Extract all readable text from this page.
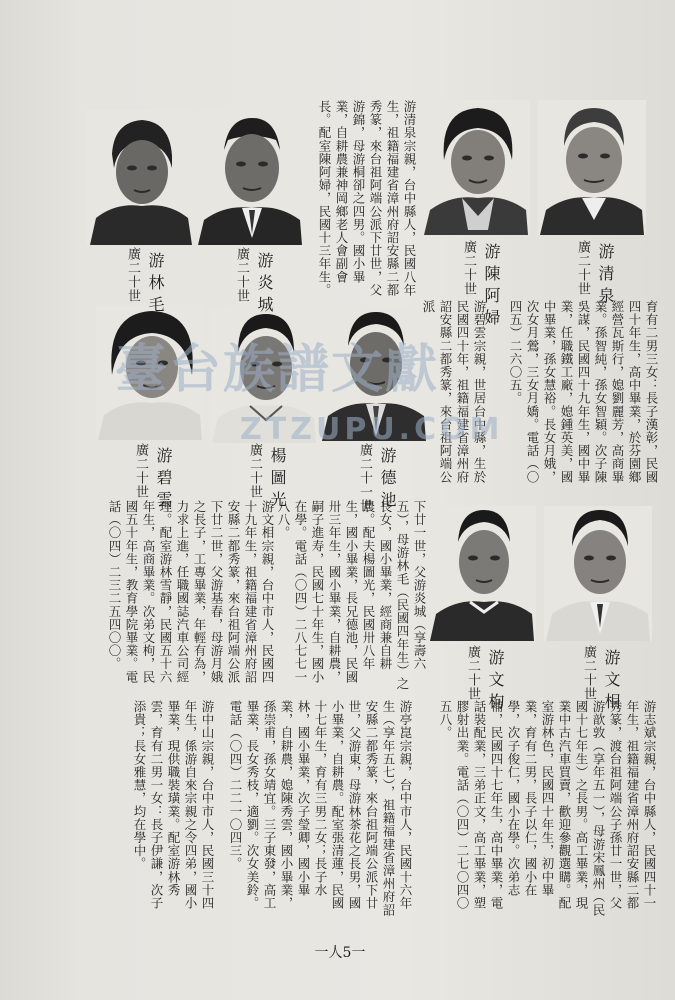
廣二十世 游林毛	廣二十世 游炎城	廣二十世 游陳阿婦	廣二十世 游清泉
廣二十世 游碧雲	廣二十世 楊圖光	廣二十一世 游德池
廣二十世 游文枸	廣二十世 游文相
游清泉宗親，台中縣人，民國八年生，祖籍福建省漳州府詔安縣二都秀篆，來台祖阿端公派下廿世，父游錦，母游桐卻之四男。國小畢業，自耕農兼神岡鄉老人會副會長。配室陳阿婦，民國十三年生。
育有二男三女：長子漢彰，民國四十年生，高中畢業，於芬園鄉經營瓦斯行，媳劉麗芳，高商畢業。孫智純，孫女智穎。次子陳吳謀，民國四十九年生，國中畢業，任職鐵工廠，媳鍾英美，國中畢業，孫女慧裕。長女月娥，次女月鶯，三女月嬌。電話（〇四五）二六〇五。
游碧雲宗親，世居台中縣，生於民國四十年，祖籍福建省漳州府詔安縣二都秀篆，來台祖阿端公派
下廿一世，父游炎城（享壽六五），母游林毛（民國四年生）之長女，國小畢業，經商兼自耕農。配夫楊圖光，民國卅八年生，國小畢業，長兄德池，民國卅三年生，國小畢業，自耕農，嗣子進寿，民國七十年生，國小在學。電話（〇四）二八七七一八八。
游文相宗親，台中市人，民國四十九年生，祖籍福建省漳州府詔安縣二都秀篆，來台祖阿端公派下廿二世，父游基春，母游月娥之長子，工專畢業，年輕有為，力求上進，任職國誌汽車公司經理。配室游林雪靜，民國五十六年生，高商畢業。次弟文枸，民國五十年生，教育學院畢業。電話（〇四）二三二五四〇〇。
游志斌宗親，台中縣人，民國四十一年生，祖籍福建省漳州府詔安縣二都秀篆，渡台祖阿端公子孫廿一世，父游歆敦（享年五一），母游宋鳳州（民國十七年生）之長男。高工畢業，現業中古汽車買賣，歡迎參觀選購。配室游林色，民國四十年生，初中畢業，育有二男，長子以仁，國小在學，次子俊仁，國小在學。次弟志補，民國四十七年生，高中畢業，電話裝配業，三弟正文，高工畢業，塑膠射出業。電話（〇四）二七〇四〇五八。
游亭崑宗親，台中市人，民國十六年生（享年五七），祖籍福建省漳州府詔安縣二都秀篆，來台祖阿端公派下廿世，父游東，母游林茶花之長男，國小畢業，自耕農。配室張清蓮，民國十七年生，育有三男二女；長子水林，國小畢業，次子瑩卿，國小畢業，自耕農，媳陳秀雲，國小畢業，孫崇甫，孫女靖宜。三子東發，高工畢業，長女秀枝，適劉。次女美鈴。電話（〇四）二二一〇四三。
游中山宗親，台中市人，民國三十四年生，係游自來宗親之令四弟，國小畢業，現供職裝璜業。配室游林秀雲，育有二男一女：長子伊謙，次子添貴；長女雅慧，均在學中。
臺台族譜文獻
ZTZUPU.COM
一人5一
